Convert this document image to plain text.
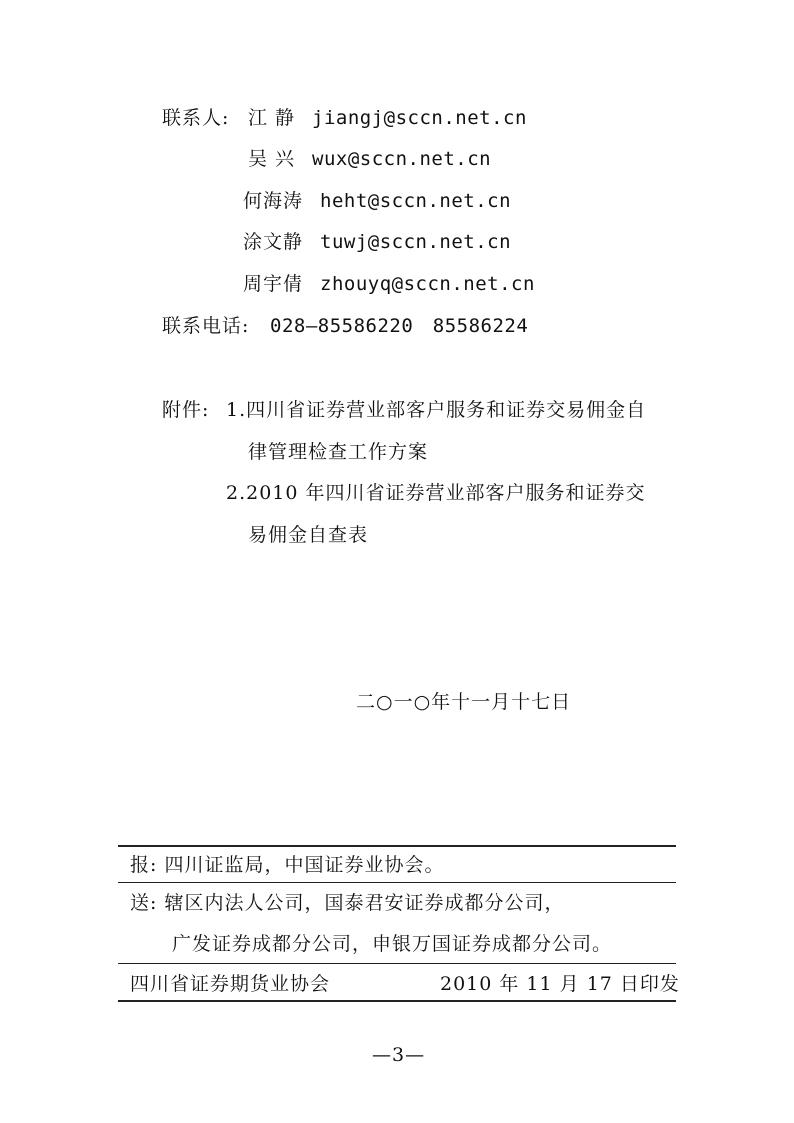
联系人: 江 静 jiangj@sccn.net.cn
吴 兴 wux@sccn.net.cn
何海涛 heht@sccn.net.cn
涂文静 tuwj@sccn.net.cn
周宇倩 zhouyq@sccn.net.cn
联系电话: 028—85586220　85586224
附件: 1.四川省证券营业部客户服务和证券交易佣金自
律管理检查工作方案
2.2010 年四川省证券营业部客户服务和证券交
易佣金自查表
二○一○年十一月十七日
报: 四川证监局，中国证券业协会。
送: 辖区内法人公司，国泰君安证券成都分公司，
广发证券成都分公司，申银万国证券成都分公司。
四川省证券期货业协会	2010 年 11 月 17 日印发
—3—
